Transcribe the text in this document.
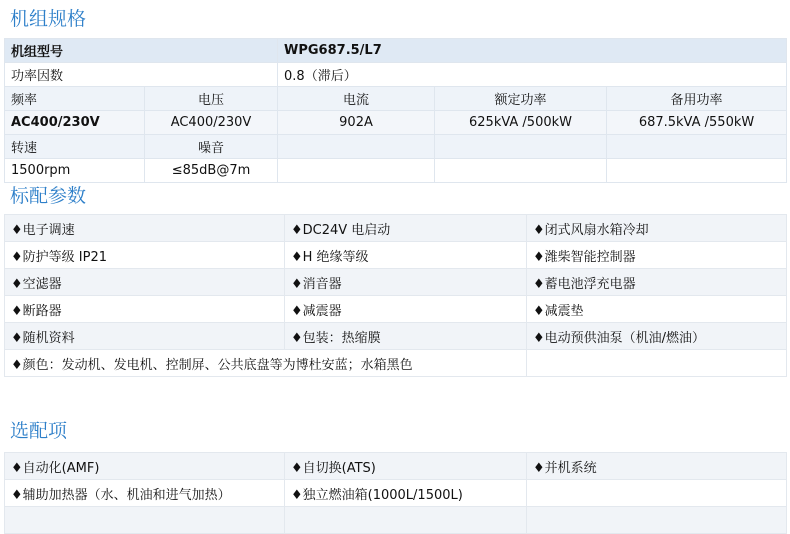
机组规格
机组型号		WPG687.5/L7		
功率因数		0.8（滞后）		
频率	电压	电流	额定功率	备用功率
AC400/230V	AC400/230V	902A	625kVA /500kW	687.5kVA /550kW
转速	噪音			
1500rpm	≤85dB@7m			
标配参数
♦电子调速	♦DC24V 电启动	♦闭式风扇水箱冷却
♦防护等级 IP21	♦H 绝缘等级	♦潍柴智能控制器
♦空滤器	♦消音器	♦蓄电池浮充电器
♦断路器	♦减震器	♦减震垫
♦随机资料	♦包装：热缩膜	♦电动预供油泵（机油/燃油）
♦颜色：发动机、发电机、控制屏、公共底盘等为博杜安蓝；水箱黑色		

选配项
♦自动化(AMF)	♦自切换(ATS)	♦并机系统
♦辅助加热器（水、机油和进气加热）	♦独立燃油箱(1000L/1500L)	
